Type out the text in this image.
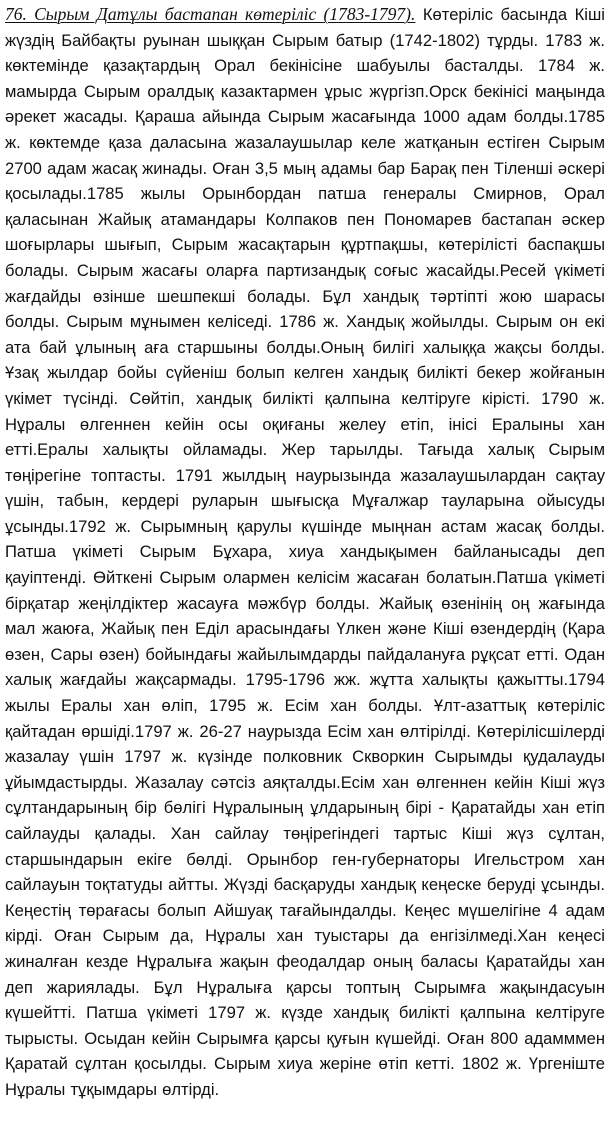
76. Сырым Датұлы бастапан көтеріліс (1783-1797). Көтеріліс басында Кіші жүздің Байбақты руынан шыққан Сырым батыр (1742-1802) тұрды. 1783 ж. көктемінде қазақтардың Орал бекінісіне шабуылы басталды. 1784 ж. мамырда Сырым оралдық казактармен ұрыс жүргізп.Орск бекінісі маңында әрекет жасады. Қараша айында Сырым жасағында 1000 адам болды.1785 ж. көктемде қаза даласына жазалаушылар келе жатқанын естіген Сырым 2700 адам жасақ жинады. Оған 3,5 мың адамы бар Барақ пен Тіленші әскері қосылады.1785 жылы Орынбордан патша генералы Смирнов, Орал қаласынан Жайық атамандары Колпаков пен Пономарев бастапан әскер шоғырлары шығып, Сырым жасақтарын құртпақшы, көтерілісті баспақшы болады. Сырым жасағы оларға партизандық соғыс жасайды.Ресей үкіметі жағдайды өзінше шешпекші болады. Бұл хандық тәртіпті жою шарасы болды. Сырым мұнымен келіседі. 1786 ж. Хандық жойылды. Сырым он екі ата бай ұлының аға старшыны болды.Оның билігі халыққа жақсы болды. Ұзақ жылдар бойы сүйеніш болып келген хандық билікті бекер жойғанын үкімет түсінді. Сөйтіп, хандық билікті қалпына келтіруге кірісті. 1790 ж. Нұралы өлгеннен кейін осы оқиғаны желеу етіп, інісі Ералыны хан етті.Ералы халықты ойламады. Жер тарылды. Тағыда халық Сырым төңірегіне топтасты. 1791 жылдың наурызында жазалаушылардан сақтау үшін, табын, кердері руларын шығысқа Мұғалжар тауларына ойысуды ұсынды.1792 ж. Сырымның қарулы күшінде мыңнан астам жасақ болды. Патша үкіметі Сырым Бұхара, хиуа хандықымен байланысады деп қауіптенді. Өйткені Сырым олармен келісім жасаған болатын.Патша үкіметі бірқатар жеңілдіктер жасауға мәжбүр болды. Жайық өзенінің оң жағында мал жаюға, Жайық пен Еділ арасындағы Үлкен және Кіші өзендердің (Қара өзен, Сары өзен) бойындағы жайылымдарды пайдалануға рұқсат етті. Одан халық жағдайы жақсармады. 1795-1796 жж. жұтта халықты қажытты.1794 жылы Ералы хан өліп, 1795 ж. Есім хан болды. Ұлт-азаттық көтеріліс қайтадан өршіді.1797 ж. 26-27 наурызда Есім хан өлтірілді. Көтерілісшілерді жазалау үшін 1797 ж. күзінде полковник Скворкин Сырымды қудалауды ұйымдастырды. Жазалау сәтсіз аяқталды.Есім хан өлгеннен кейін Кіші жүз сұлтандарының бір бөлігі Нұралының ұлдарының бірі - Қаратайды хан етіп сайлауды қалады. Хан сайлау төңірегіндегі тартыс Кіші жүз сұлтан, старшындарын екіге бөлді. Орынбор ген-губернаторы Игельстром хан сайлауын тоқтатуды айтты. Жүзді басқаруды хандық кеңеске беруді ұсынды. Кеңестің төрағасы болып Айшуақ тағайындалды. Кеңес мүшелігіне 4 адам кірді. Оған Сырым да, Нұралы хан туыстары да енгізілмеді.Хан кеңесі жиналған кезде Нұралыға жақын феодалдар оның баласы Қаратайды хан деп жариялады. Бұл Нұралыға қарсы топтың Сырымға жақындасуын күшейтті. Патша үкіметі 1797 ж. күзде хандық билікті қалпына келтіруге тырысты. Осыдан кейін Сырымға қарсы қуғын күшейді. Оған 800 адамммен Қаратай сұлтан қосылды. Сырым хиуа жеріне өтіп кетті. 1802 ж. Үргеніште Нұралы тұқымдары өлтірді.
